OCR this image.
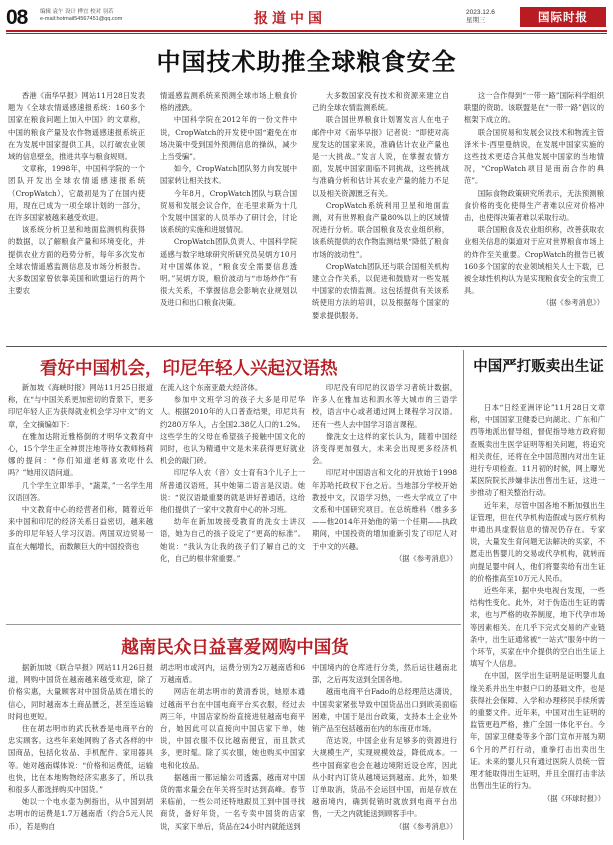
08 编辑 袁午 设计 桦宜 校对 羽若
e-mail:hotmail54567451@qq.com	报道中国	2023.12.6
星期三	国际时报
中国技术助推全球粮食安全

香港《南华早报》网站11月28日发表题为《全球农情遥感速报系统：160多个国家在粮食问题上加入中国》的文章称，中国的粮食产量及农作物遥感速报系统正在为发展中国家提供工具，以打破农业领域的信息壁垒，推进共享与粮食规则。

文章称，1998年，中国科学院的一个团队开发出全球农情遥感速报系统（CropWatch），它最初是为了在国内使用，现在已成为一项全球计划的一部分，在许多国家被越来越受欢迎。

该系统分析卫星和地面监测机构获得的数据，以了解粮食产量和环境变化，并提供农业方面的趋势分析，每年多次发布全球农情遥感监测信息及市场分析报告。大多数国家曾依靠美国和欧盟运行的两个主要农

情遥感监测系统来预测全球市场上粮食价格的涨跌。

中国科学院在2012年的一份文件中说，CropWatch的开发使中国“避免在市场决策中受到国外预测信息的操纵，减少上当受骗”。

如今，CropWatch团队努力向发展中国家转让相关技术。

今年8月，CropWatch团队与联合国贸易和发展会议合作，在毛里求斯为十几个发展中国家的人员举办了研讨会，讨论该系统的实施和进展情况。

CropWatch团队负责人、中国科学院遥感与数字地球研究所研究员吴炳方10月对中国媒体说，“粮食安全需要信息透明。”吴炳方说，粮价波动与“市场炒作”有很大关系，不掌握信息会影响农业规划以及进口和出口粮食决策。

大多数国家没有技术和资源来建立自己的全球农情监测系统。

联合国世界粮食计划署发言人在电子邮件中对《南华早报》记者说：“即使对高度发达的国家来说，准确估计农业产量也是一大挑战。”发言人说，在掌握农情方面，发展中国家面临不同挑战，这些挑战与准确分析和估计其农业产量的能力不足以及相关资源匮乏有关。

CropWatch系统利用卫星和地面监测，对有世界粮食产量80%以上的区域情况进行分析。联合国粮食及农业组织称，该系统提供的农作物监测结果“降低了粮食市场的波动性”。

CropWatch团队还与联合国相关机构建立合作关系，以促进和鼓励对一些发展中国家的农情监测。这包括提供有关该系统使用方法的培训，以及根据每个国家的要求提供服务。

这一合作得到“一带一路”国际科学组织联盟的资助。该联盟是在“一带一路”倡议的框架下成立的。

联合国贸易和发展会议技术和物流主管泽米卡·西里曼纳说，在发展中国家实施的这些技术更适合其他发展中国家的当地情况，“CropWatch项目是南南合作的典范”。

国际食物政策研究所表示，无法预测粮食价格的变化使得生产者难以应对价格冲击，也使得决策者难以采取行动。

联合国粮食及农业组织称，改善获取农业相关信息的渠道对于应对世界粮食市场上的炸作至关重要。CropWatch的报告已被160多个国家的农业领域相关人士下载，已被全球性机构认为是实现粮食安全的宝贵工具。

（据《参考消息》）

看好中国机会，印尼年轻人兴起汉语热

新加坡《海峡时报》网站11月25日报道称，在“与中国关系更加密切的背景下，更多印尼年轻人正为获得就业机会学习中文”的文章，全文摘编如下：

在雅加达附近雅格倒的才明华文教育中心，15个学生正全神贯注地等待女教师杨莉娜的提问：“你们知道老师喜欢吃什么吗？”她用汉语问道。

几个学生立即举手，“蔬菜，”一名学生用汉语回答。

中文教育中心的经营者们称，随着近年来中国和印尼的经济关系日益密切，越来越多的印尼年轻人学习汉语。两国双边贸易一直在大幅增长，而数额巨大的中国投资也

在流入这个东南亚最大经济体。

参加中文班学习的孩子大多是印尼华人。根据2010年的人口普查结果，印尼共有约280万华人，占全国2.38亿人口的1.2%。这些学生的父母在希望孩子接触中国文化的同时，也认为精通中文是未来获得更好就业机会的敲门砖。

印尼华人农（音）女士育有3个儿子上一所普通汉语班，其中她第二语言是汉语。她说：“说汉语最重要的就是讲好普通话，这给他们提供了一家中文教育中心的补习班。

幼年在新加坡接受教育的洗女士讲汉语，她为自己的孩子设定了“更高的标准”。她说：“我认为让我的孩子们了解自己的文化，自己的根非常重要。”

印尼没有印尼的汉语学习者统计数据，许多人在雅加达和泗水等大城市的三语学校，语言中心或者通过网上课程学习汉语。还有一些人去中国学习语言课程。

像洗女士这样的家长认为，随着中国经济变得更加强大，未来会出现更多经济机会。

印尼对中国语言和文化的开放始于1998年苏哈托政权下台之后。当地部分学校开始教授中文，汉语学习热，一些大学成立了中文系和中国研究项目。在总统维科（维多多——他2014年开始他的第一个任期——执政期间，中国投资的增加重新引发了印尼人对于中文的兴趣。

（据《参考消息》）

越南民众日益喜爱网购中国货

据新加坡《联合早报》网站11月26日报道，网购中国货在越南越来越受欢迎，除了价格实惠，大量顾客对中国货品质在增长的信心，同时越南本土商品匮乏，甚至连运输时间也更短。

住在胡志明市的武氏秋香是电商平台的忠实顾客。这些年来她网购了各式各样的中国商品，包括化妆品、手机配件、家用器具等。她对越南媒体说：“价格和运费低，运输也快，比在本地购物经济实惠多了，所以我和很多人都选择购买中国货。”

她以一个电水壶为例指出，从中国到胡志明市的运费是1.7万越南盾（约合5元人民币），若是购自

胡志明市或河内，运费分别为2万越南盾和6万越南盾。

网店在胡志明市的黄清香说，她原本通过越南平台在中国电商平台买衣服，经过去两三年，中国店家纷纷直接进驻越南电商平台，她因此可以直接向中国店家下单，她说，中国衣服不仅比越南便宜，而且款式多，更时髦。除了买衣服，她也购买中国家电和化妆品。

据越南一都运输公司透露，越南对中国货的需求量会在年关将至时达到高峰。春节来临前，一些公司还特地跟员工到中国寻找商货，备好年货，一名专卖中国货的店家说，买家下单后，货品在24小时内就能送到

中国境内的仓库进行分类，然后运往越南北部，之后再发送到全国各地。

越南电商平台Fado的总经理范达潇说，中国卖家紧张导致中国货品出口到欧美面临困难，中国于是出台政策，支持本土企业外销产品至包括越南在内的东南亚市场。

范达说，中国企业有足够多的资源进行大规模生产，实现规模效益，降低成本。一些中国商家也会在越边境附近设仓库，因此从小时内订货从越境运到越南。此外，如果订单取消，货品不会运回中国，而是存放在越南境内，确到促销时就放到电商平台出售，一天之内就能送到顾客手中。

（据《参考消息》）

中国严打贩卖出生证

日本“日经亚洲评论”11月28日文章称，中国国家卫健委已向湖北、广东和广西等地派出督导组，督促指导地方政府彻查贩卖出生医学证明等相关问题，将追究相关责任，还将在全中国范围内对出生证进行专项检查。11月初的时候，网上曝光某医院院长涉嫌非法出售出生证，这进一步推动了相关整治行动。

近年来，尽管中国各地不断加强出生证管理，但在代孕机构造假或与医疗机构申通出具虚假信息的情况仍存在。专家说，大量发生育问题无法解决的买家，不愿走出售婴儿的交易或代孕机构，就转而向提足婴中间人，他们将婴卖给有出生证的价格推高至10万元人民币。

近些年来，据中央电视台发现，一些结构性变化。此外，对于伪造出生证的需求，也与严格的收养制度，地下代孕市场等因素相关。在几乎下完式交易的产业链条中，出生证通常被“一站式”服务中的一个环节，买家在中介提供的空白出生证上填写个人信息。

在中国，医学出生证明是证明婴儿血缘关系并出生申报户口的基础文件，也是获得社会保障、入学和办理移民手续所需的重要文件。近年来，中国对出生证明的监管更趋严格，推广全国一体化平台。今年，国家卫健委等多个部门宣布开展为期6个月的严打行动，重拳打击出卖出生证。未来的婴儿只有通过医院人员统一管理才能取得出生证明，并且全面打击非法出售出生证的行为。

（据《环球时报》）
